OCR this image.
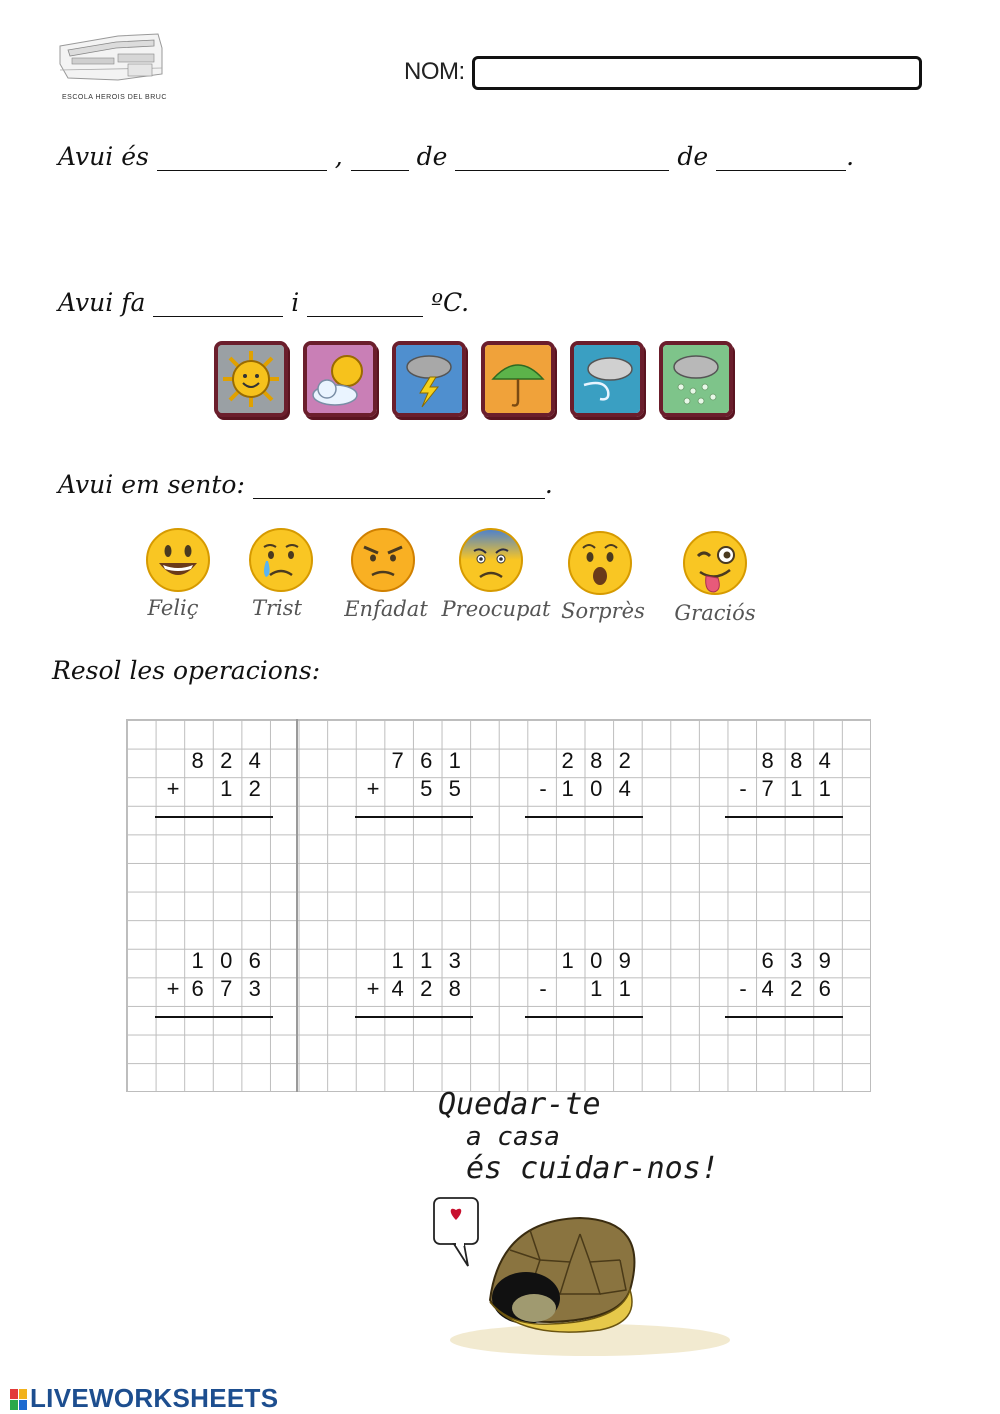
ESCOLA HEROIS DEL BRUC
NOM:
Avui és	,	de	de	.
Avui fa	i	ºC.
Avui em sento:	.
Feliç	Trist	Enfadat Preocupat Sorprès	Graciós
Resol les operacions:
8 2 4
+	1 2
7 6 1
+	5 5
2 8 2
- 1 0 4
8 8 4
- 7 1 1
1 0 6
+ 6 7 3
1 1 3
+ 4 2 8
1 0 9
-	1 1
6 3 9
- 4 2 6
Quedar-te
a casa
és cuidar-nos!
LIVEWORKSHEETS
